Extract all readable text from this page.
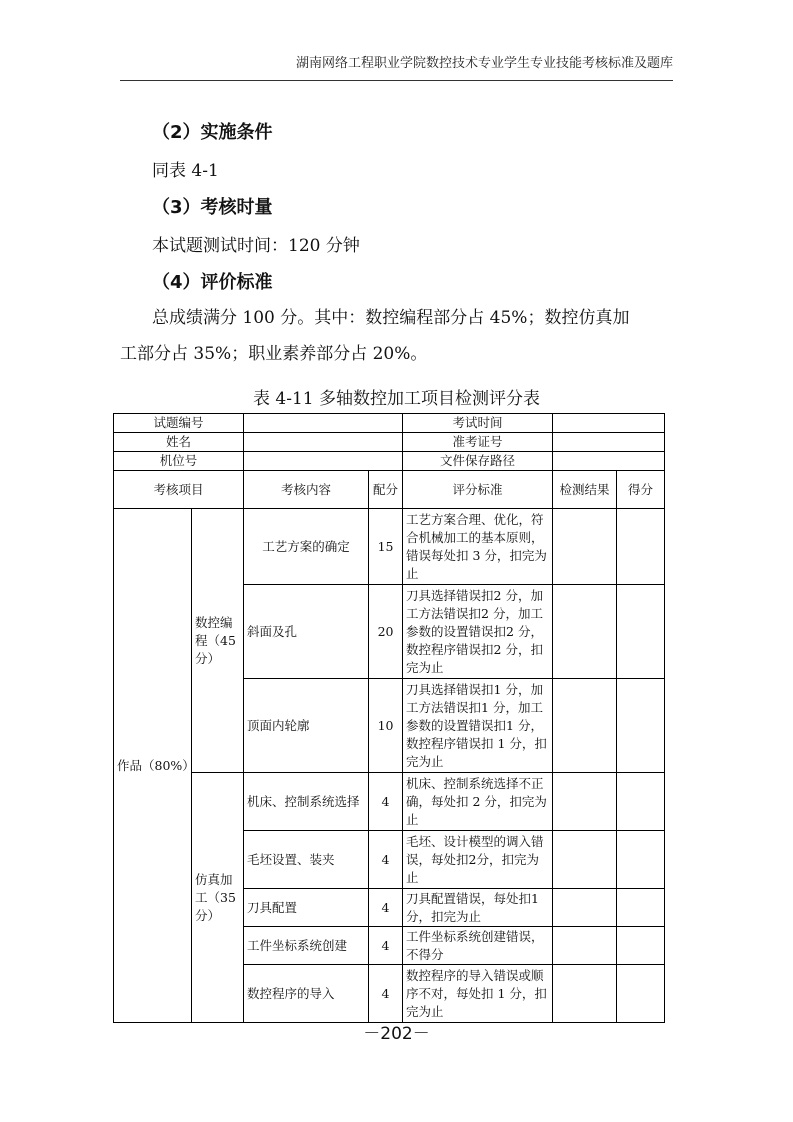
湖南网络工程职业学院数控技术专业学生专业技能考核标准及题库
（2）实施条件
同表 4-1
（3）考核时量
本试题测试时间：120 分钟
（4）评价标准
总成绩满分 100 分。其中：数控编程部分占 45%；数控仿真加
工部分占 35%；职业素养部分占 20%。
表 4-11 多轴数控加工项目检测评分表
试题编号				考试时间		
姓名				准考证号		
机位号				文件保存路径		
考核项目		考核内容	配分	评分标准	检测结果	得分
作品（80%）	数控编程（45分）	工艺方案的确定	15	工艺方案合理、优化，符合机械加工的基本原则，错误每处扣 3 分，扣完为止		
		斜面及孔	20	刀具选择错误扣2 分，加工方法错误扣2 分，加工参数的设置错误扣2 分，数控程序错误扣2 分，扣完为止		
		顶面内轮廓	10	刀具选择错误扣1 分，加工方法错误扣1 分，加工参数的设置错误扣1 分，数控程序错误扣 1 分，扣完为止		
	仿真加工（35分）	机床、控制系统选择	4	机床、控制系统选择不正确，每处扣 2 分，扣完为止		
		毛坯设置、装夹	4	毛坯、设计模型的调入错误，每处扣2分，扣完为止		
		刀具配置	4	刀具配置错误，每处扣1 分，扣完为止		
		工件坐标系统创建	4	工件坐标系统创建错误，不得分		
		数控程序的导入	4	数控程序的导入错误或顺序不对，每处扣 1 分，扣完为止		
－202－
